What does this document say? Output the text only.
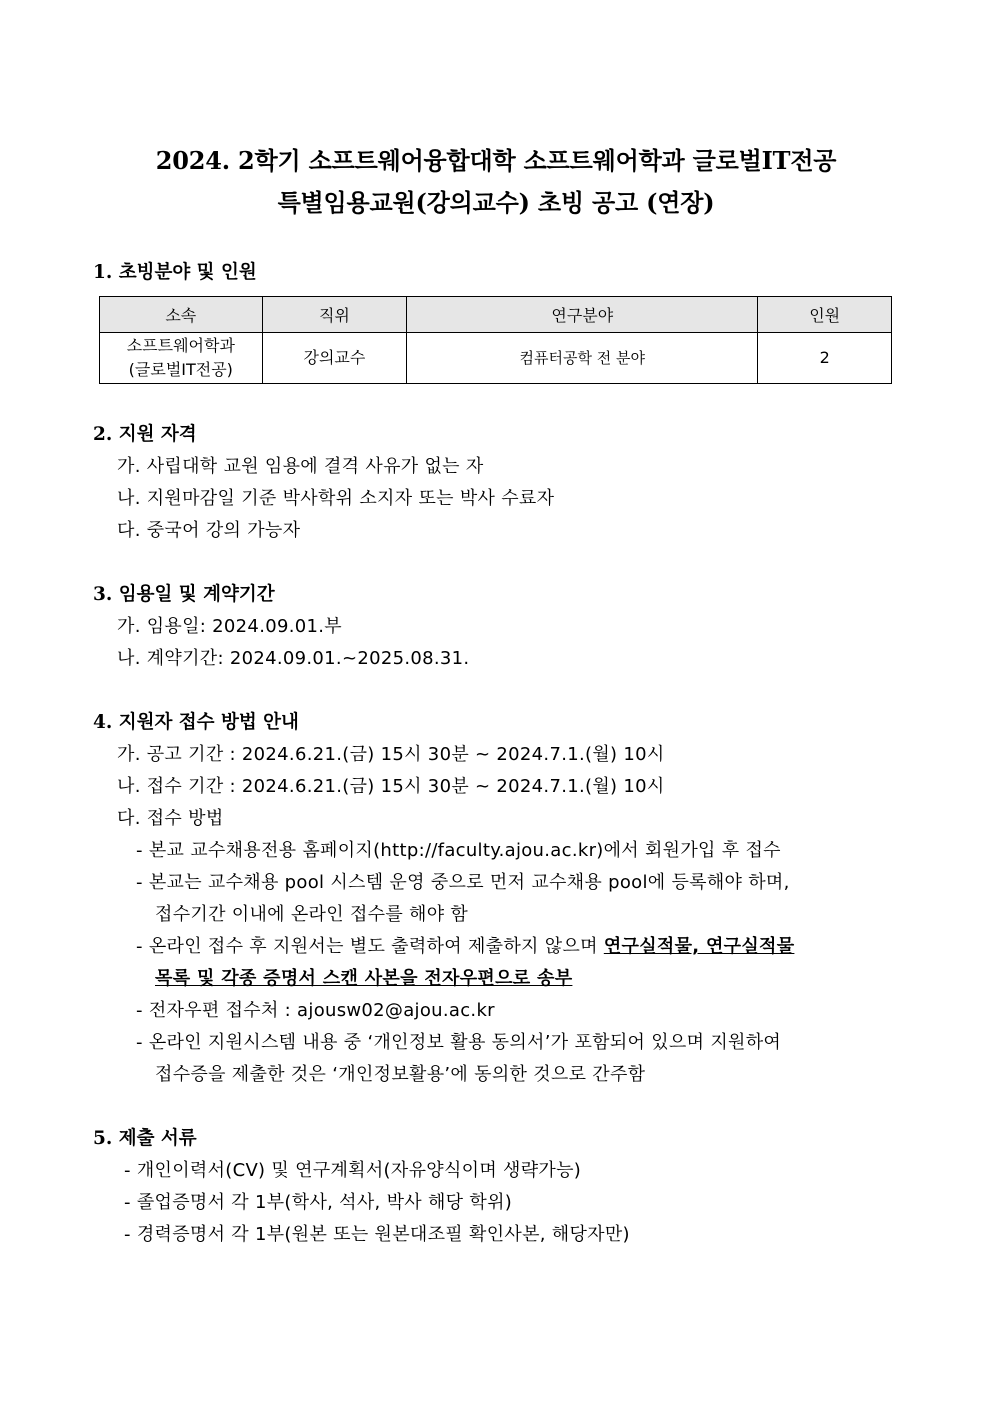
2024. 2학기 소프트웨어융합대학 소프트웨어학과 글로벌IT전공
특별임용교원(강의교수) 초빙 공고 (연장)
1. 초빙분야 및 인원
소속	직위	연구분야	인원

소프트웨어학과
(글로벌IT전공)	강의교수	컴퓨터공학 전 분야	2
2. 지원 자격
가. 사립대학 교원 임용에 결격 사유가 없는 자
나. 지원마감일 기준 박사학위 소지자 또는 박사 수료자
다. 중국어 강의 가능자
3. 임용일 및 계약기간
가. 임용일: 2024.09.01.부
나. 계약기간: 2024.09.01.~2025.08.31.
4. 지원자 접수 방법 안내
가. 공고 기간 : 2024.6.21.(금) 15시 30분 ~ 2024.7.1.(월) 10시
나. 접수 기간 : 2024.6.21.(금) 15시 30분 ~ 2024.7.1.(월) 10시
다. 접수 방법
- 본교 교수채용전용 홈페이지(http://faculty.ajou.ac.kr)에서 회원가입 후 접수
- 본교는 교수채용 pool 시스템 운영 중으로 먼저 교수채용 pool에 등록해야 하며,
접수기간 이내에 온라인 접수를 해야 함
- 온라인 접수 후 지원서는 별도 출력하여 제출하지 않으며 연구실적물, 연구실적물
목록 및 각종 증명서 스캔 사본을 전자우편으로 송부
- 전자우편 접수처 : ajousw02@ajou.ac.kr
- 온라인 지원시스템 내용 중 ‘개인정보 활용 동의서’가 포함되어 있으며 지원하여
접수증을 제출한 것은 ‘개인정보활용’에 동의한 것으로 간주함
5. 제출 서류
- 개인이력서(CV) 및 연구계획서(자유양식이며 생략가능)
- 졸업증명서 각 1부(학사, 석사, 박사 해당 학위)
- 경력증명서 각 1부(원본 또는 원본대조필 확인사본, 해당자만)
